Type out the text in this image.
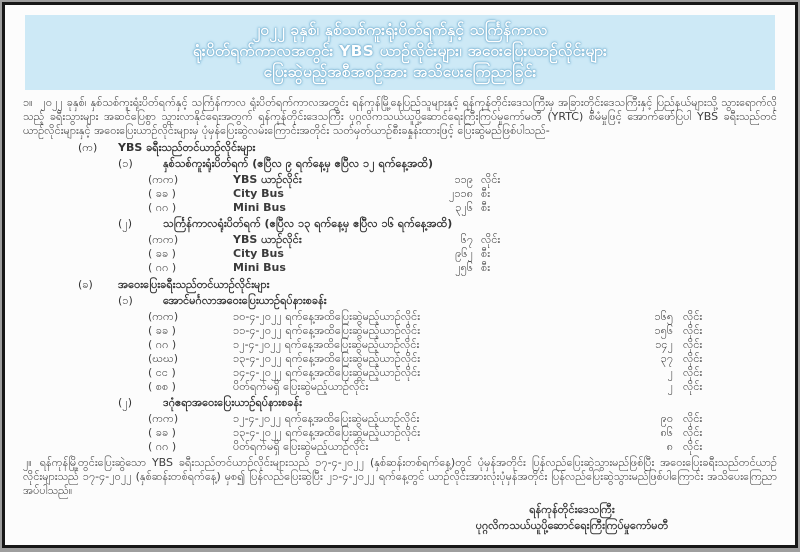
၂၀၂၂ ခုနှစ်၊ နှစ်သစ်ကူးရုံးပိတ်ရက်နှင့် သင်္ကြန်ကာလ
ရုံးပိတ်ရက်ကာလအတွင်း YBS ယာဉ်လိုင်းများ၊ အဝေးပြေးယာဉ်လိုင်းများ
ပြေးဆွဲမည့်အစီအစဉ်အား အသိပေးကြေညာခြင်း

၁။ ၂၀၂၂ ခုနှစ်၊ နှစ်သစ်ကူးရုံးပိတ်ရက်နှင့် သင်္ကြန်ကာလ ရုံးပိတ်ရက်ကာလအတွင်း ရန်ကုန်မြို့နေပြည်သူများနှင့် ရန်ကုန်တိုင်းဒေသကြီးမှ အခြားတိုင်းဒေသကြီးနှင့် ပြည်နယ်များသို့ သွားရောက်လိုသည့် ခရီးသွားများ အဆင်ပြေစွာ သွားလာနိုင်ရေးအတွက် ရန်ကုန်တိုင်းဒေသကြီး ပုဂ္ဂလိကသယ်ယူပို့ဆောင်ရေးကြီးကြပ်မှုကော်မတီ (YRTC) စီမံမှုဖြင့် အောက်ဖော်ပြပါ YBS ခရီးသည်တင်ယာဉ်လိုင်းများနှင့် အဝေးပြေးယာဉ်လိုင်းများမှ ပုံမှန်ပြေးဆွဲလမ်းကြောင်းအတိုင်း သတ်မှတ်ယာဉ်စီးခနှုန်းထားဖြင့် ပြေးဆွဲမည်ဖြစ်ပါသည်-

(က)	YBS ခရီးသည်တင်ယာဉ်လိုင်းများ
(၁)	နှစ်သစ်ကူးရုံးပိတ်ရက် (ဧပြီလ ၉ ရက်နေ့မှ ဧပြီလ ၁၂ ရက်နေ့အထိ)
(ကက)	YBS ယာဉ်လိုင်း	၁၁၉ လိုင်း
( ခခ )	City Bus	၂၁၁၈ စီး
( ဂဂ )	Mini Bus	၃၂၆ စီး
(၂)	သင်္ကြန်ကာလရုံးပိတ်ရက် (ဧပြီလ ၁၃ ရက်နေ့မှ ဧပြီလ ၁၆ ရက်နေ့အထိ)
(ကက)	YBS ယာဉ်လိုင်း	၆၇ လိုင်း
( ခခ )	City Bus	၉၆၂ စီး
( ဂဂ )	Mini Bus	၂၅၆ စီး
(ခ)	အဝေးပြေးခရီးသည်တင်ယာဉ်လိုင်းများ
(၁)	အောင်မင်္ဂလာအဝေးပြေးယာဉ်ရပ်နားစခန်း
(ကက)	၁၀-၄-၂၀၂၂ ရက်နေ့အထိပြေးဆွဲမည့်ယာဉ်လိုင်း	၁၆၅ လိုင်း
( ခခ )	၁၁-၄-၂၀၂၂ ရက်နေ့အထိပြေးဆွဲမည့်ယာဉ်လိုင်း	၁၅၆ လိုင်း
( ဂဂ )	၁၂-၄-၂၀၂၂ ရက်နေ့အထိပြေးဆွဲမည့်ယာဉ်လိုင်း	၁၄၂ လိုင်း
(ဃဃ)	၁၃-၄-၂၀၂၂ ရက်နေ့အထိပြေးဆွဲမည့်ယာဉ်လိုင်း	၃၇ လိုင်း
( ငင )	၁၄-၄-၂၀၂၂ ရက်နေ့အထိပြေးဆွဲမည့်ယာဉ်လိုင်း	၂ လိုင်း
( စစ )	ပိတ်ရက်မရှိ ပြေးဆွဲမည့်ယာဉ်လိုင်း	၂ လိုင်း
(၂)	ဒဂုံဧရာအဝေးပြေးယာဉ်ရပ်နားစခန်း
(ကက)	၁၂-၄-၂၀၂၂ ရက်နေ့အထိပြေးဆွဲမည့်ယာဉ်လိုင်း	၉၀ လိုင်း
( ခခ )	၁၃-၄-၂၀၂၂ ရက်နေ့အထိပြေးဆွဲမည့်ယာဉ်လိုင်း	၈၆ လိုင်း
( ဂဂ )	ပိတ်ရက်မရှိ ပြေးဆွဲမည့်ယာဉ်လိုင်း	၈ လိုင်း

၂။ ရန်ကုန်မြို့တွင်းပြေးဆွဲသော YBS ခရီးသည်တင်ယာဉ်လိုင်းများသည် ၁၇-၄-၂၀၂၂ (နှစ်ဆန်းတစ်ရက်နေ့)တွင် ပုံမှန်အတိုင်း ပြန်လည်ပြေးဆွဲသွားမည်ဖြစ်ပြီး အဝေးပြေးခရီးသည်တင်ယာဉ်လိုင်းများသည် ၁၇-၄-၂၀၂၂ (နှစ်ဆန်းတစ်ရက်နေ့) မှစ၍ ပြန်လည်ပြေးဆွဲပြီး ၂၁-၄-၂၀၂၂ ရက်နေ့တွင် ယာဉ်လိုင်းအားလုံးပုံမှန်အတိုင်း ပြန်လည်ပြေးဆွဲသွားမည်ဖြစ်ပါကြောင်း အသိပေးကြေညာအပ်ပါသည်။

ရန်ကုန်တိုင်းဒေသကြီး
ပုဂ္ဂလိကသယ်ယူပို့ဆောင်ရေးကြီးကြပ်မှုကော်မတီ
